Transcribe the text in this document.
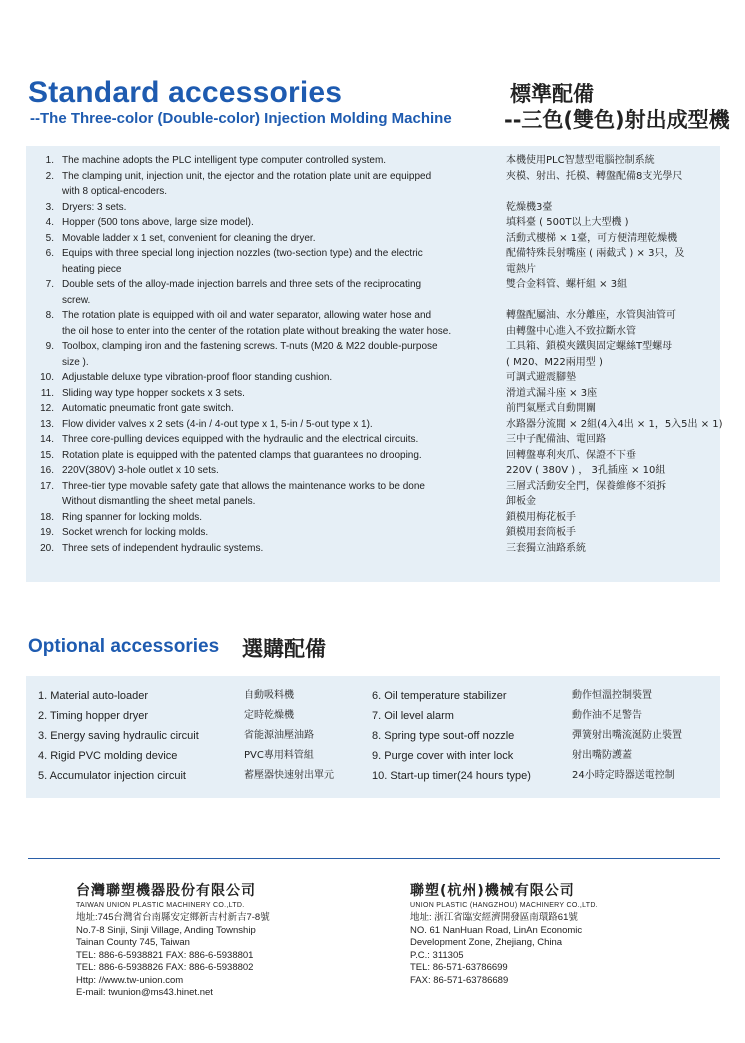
Standard accessories
--The Three-color (Double-color) Injection Molding Machine
標準配備
--三色(雙色)射出成型機
1. The machine adopts the PLC intelligent type computer controlled system.	本機使用PLC智慧型電腦控制系統
2. The clamping unit, injection unit, the ejector and the rotation plate unit are equipped
with 8 optical-encoders.
夾模、射出、托模、轉盤配備8支光學尺
3. Dryers: 3 sets.	乾燥機3臺
4. Hopper (500 tons above, large size model).	填料臺 ( 500T以上大型機 )
5. Movable ladder x 1 set, convenient for cleaning the dryer.	活動式樓梯 × 1臺，可方便清理乾燥機
6. Equips with three special long injection nozzles (two-section type) and the electric
heating piece
配備特殊長射嘴座 ( 兩截式 ) × 3只，及
電熱片
7. Double sets of the alloy-made injection barrels and three sets of the reciprocating
screw.
雙合金料管、螺杆組 × 3組
8. The rotation plate is equipped with oil and water separator, allowing water hose and
the oil hose to enter into the center of the rotation plate without breaking the water hose.
轉盤配屬油、水分離座，水管與油管可
由轉盤中心進入不致拉斷水管
9. Toolbox, clamping iron and the fastening screws. T-nuts (M20 & M22 double-purpose
size ).
工具箱、鎖模夾鐵與固定螺絲T型螺母
( M20、M22兩用型 )
10. Adjustable deluxe type vibration-proof floor standing cushion.	可調式避震腳墊
11. Sliding way type hopper sockets x 3 sets.	滑道式漏斗座 × 3座
12. Automatic pneumatic front gate switch.	前門氣壓式自動開關
13. Flow divider valves x 2 sets (4-in / 4-out type x 1, 5-in / 5-out type x 1).	水路器分流閥 × 2組(4入4出 × 1，5入5出 × 1)
14. Three core-pulling devices equipped with the hydraulic and the electrical circuits.	三中子配備油、電回路
15. Rotation plate is equipped with the patented clamps that guarantees no drooping.	回轉盤專利夾爪、保證不下垂
16. 220V(380V) 3-hole outlet x 10 sets.	220V ( 380V ) ， 3孔插座 × 10組
17. Three-tier type movable safety gate that allows the maintenance works to be done
Without dismantling the sheet metal panels.
三層式活動安全門，保養維修不須拆
卸板金
18. Ring spanner for locking molds.	鎖模用梅花板手
19. Socket wrench for locking molds.	鎖模用套筒板手
20. Three sets of independent hydraulic systems.	三套獨立油路系統
Optional accessories 選購配備
1. Material auto-loader	自動吸料機
2. Timing hopper dryer	定時乾燥機
3. Energy saving hydraulic circuit	省能源油壓油路
4. Rigid PVC molding device	PVC專用料管組
5. Accumulator injection circuit	蓄壓器快速射出單元
6. Oil temperature stabilizer	動作恒溫控制裝置
7. Oil level alarm	動作油不足警告
8. Spring type sout-off nozzle	彈簧射出嘴流涎防止裝置
9. Purge cover with inter lock	射出嘴防護蓋
10. Start-up timer(24 hours type)	24小時定時器送電控制
台灣聯塑機器股份有限公司
TAIWAN UNION PLASTIC MACHINERY CO.,LTD.
地址:745台灣省台南縣安定鄉新吉村新吉7-8號
No.7-8 Sinji, Sinji Village, Anding Township
Tainan County 745, Taiwan
TEL: 886-6-5938821 FAX: 886-6-5938801
TEL: 886-6-5938826 FAX: 886-6-5938802
Http: //www.tw-union.com
E-mail: twunion@ms43.hinet.net
聯塑(杭州)機械有限公司
UNION PLASTIC (HANGZHOU) MACHINERY CO.,LTD.
地址: 浙江省臨安經濟開發區南環路61號
NO. 61 NanHuan Road, LinAn Economic
Development Zone, Zhejiang, China
P.C.: 311305
TEL: 86-571-63786699
FAX: 86-571-63786689
